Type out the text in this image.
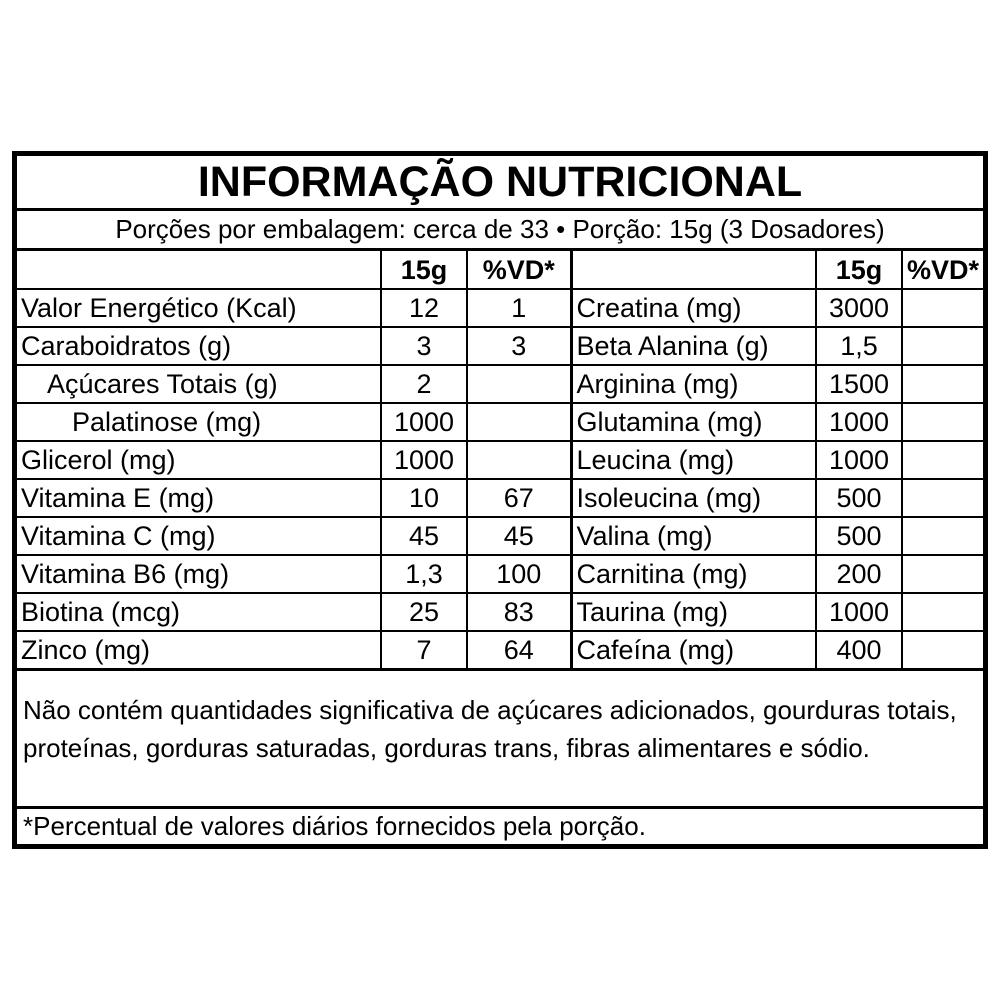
INFORMAÇÃO NUTRICIONAL
Porções por embalagem: cerca de 33 • Porção: 15g (3 Dosadores)
	15g	%VD*		15g	%VD*
Valor Energético (Kcal)	12	1	Creatina (mg)	3000	
Caraboidratos (g)	3	3	Beta Alanina (g)	1,5	
Açúcares Totais (g)	2		Arginina (mg)	1500	
Palatinose (mg)	1000		Glutamina (mg)	1000	
Glicerol (mg)	1000		Leucina (mg)	1000	
Vitamina E (mg)	10	67	Isoleucina (mg)	500	
Vitamina C (mg)	45	45	Valina (mg)	500	
Vitamina B6 (mg)	1,3	100	Carnitina (mg)	200	
Biotina (mcg)	25	83	Taurina (mg)	1000	
Zinco (mg)	7	64	Cafeína (mg)	400	
Não contém quantidades significativa de açúcares adicionados, gourduras totais, proteínas, gorduras saturadas, gorduras trans, fibras alimentares e sódio.
*Percentual de valores diários fornecidos pela porção.
